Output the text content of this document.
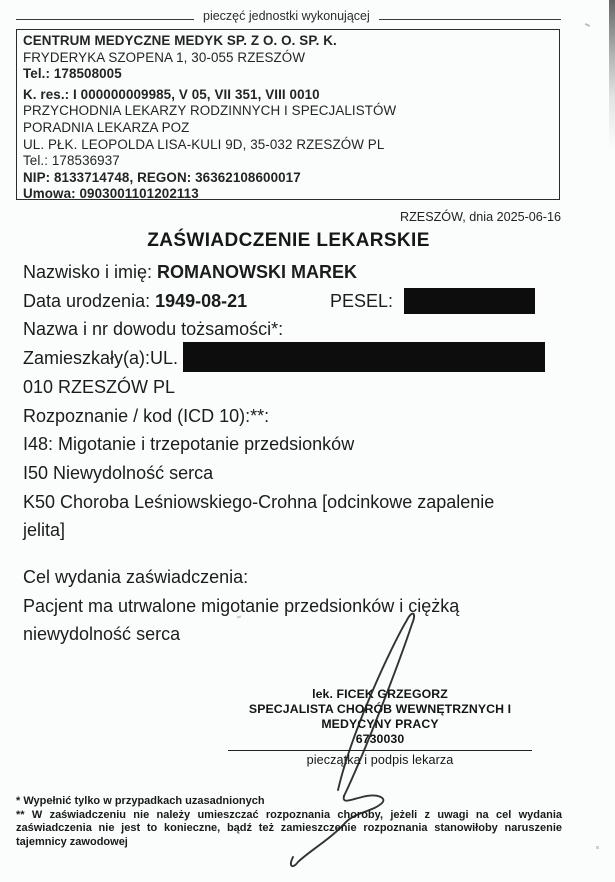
pieczęć jednostki wykonującej
CENTRUM MEDYCZNE MEDYK SP. Z O. O. SP. K.
FRYDERYKA SZOPENA 1, 30-055 RZESZÓW
Tel.: 178508005
K. res.: I 000000009985, V 05, VII 351, VIII 0010
PRZYCHODNIA LEKARZY RODZINNYCH I SPECJALISTÓW
PORADNIA LEKARZA POZ
UL. PŁK. LEOPOLDA LISA-KULI 9D, 35-032 RZESZÓW PL
Tel.: 178536937
NIP: 8133714748, REGON: 36362108600017
Umowa: 0903001101202113
RZESZÓW, dnia 2025-06-16
ZAŚWIADCZENIE LEKARSKIE
Nazwisko i imię: ROMANOWSKI MAREK
Data urodzenia: 1949-08-21	PESEL:
Nazwa i nr dowodu tożsamości*:
Zamieszkały(a):UL.
010 RZESZÓW PL
Rozpoznanie / kod (ICD 10):**:
I48: Migotanie i trzepotanie przedsionków
I50 Niewydolność serca
K50 Choroba Leśniowskiego-Crohna [odcinkowe zapalenie jelita]
Cel wydania zaświadczenia:
Pacjent ma utrwalone migotanie przedsionków i ciężką niewydolność serca
lek. FICEK GRZEGORZ
SPECJALISTA CHORÓB WEWNĘTRZNYCH I
MEDYCYNY PRACY
6730030
pieczątka i podpis lekarza
* Wypełnić tylko w przypadkach uzasadnionych
** W zaświadczeniu nie należy umieszczać rozpoznania choroby, jeżeli z uwagi na cel wydania zaświadczenia nie jest to konieczne, bądź też zamieszczenie rozpoznania stanowiłoby naruszenie tajemnicy zawodowej
